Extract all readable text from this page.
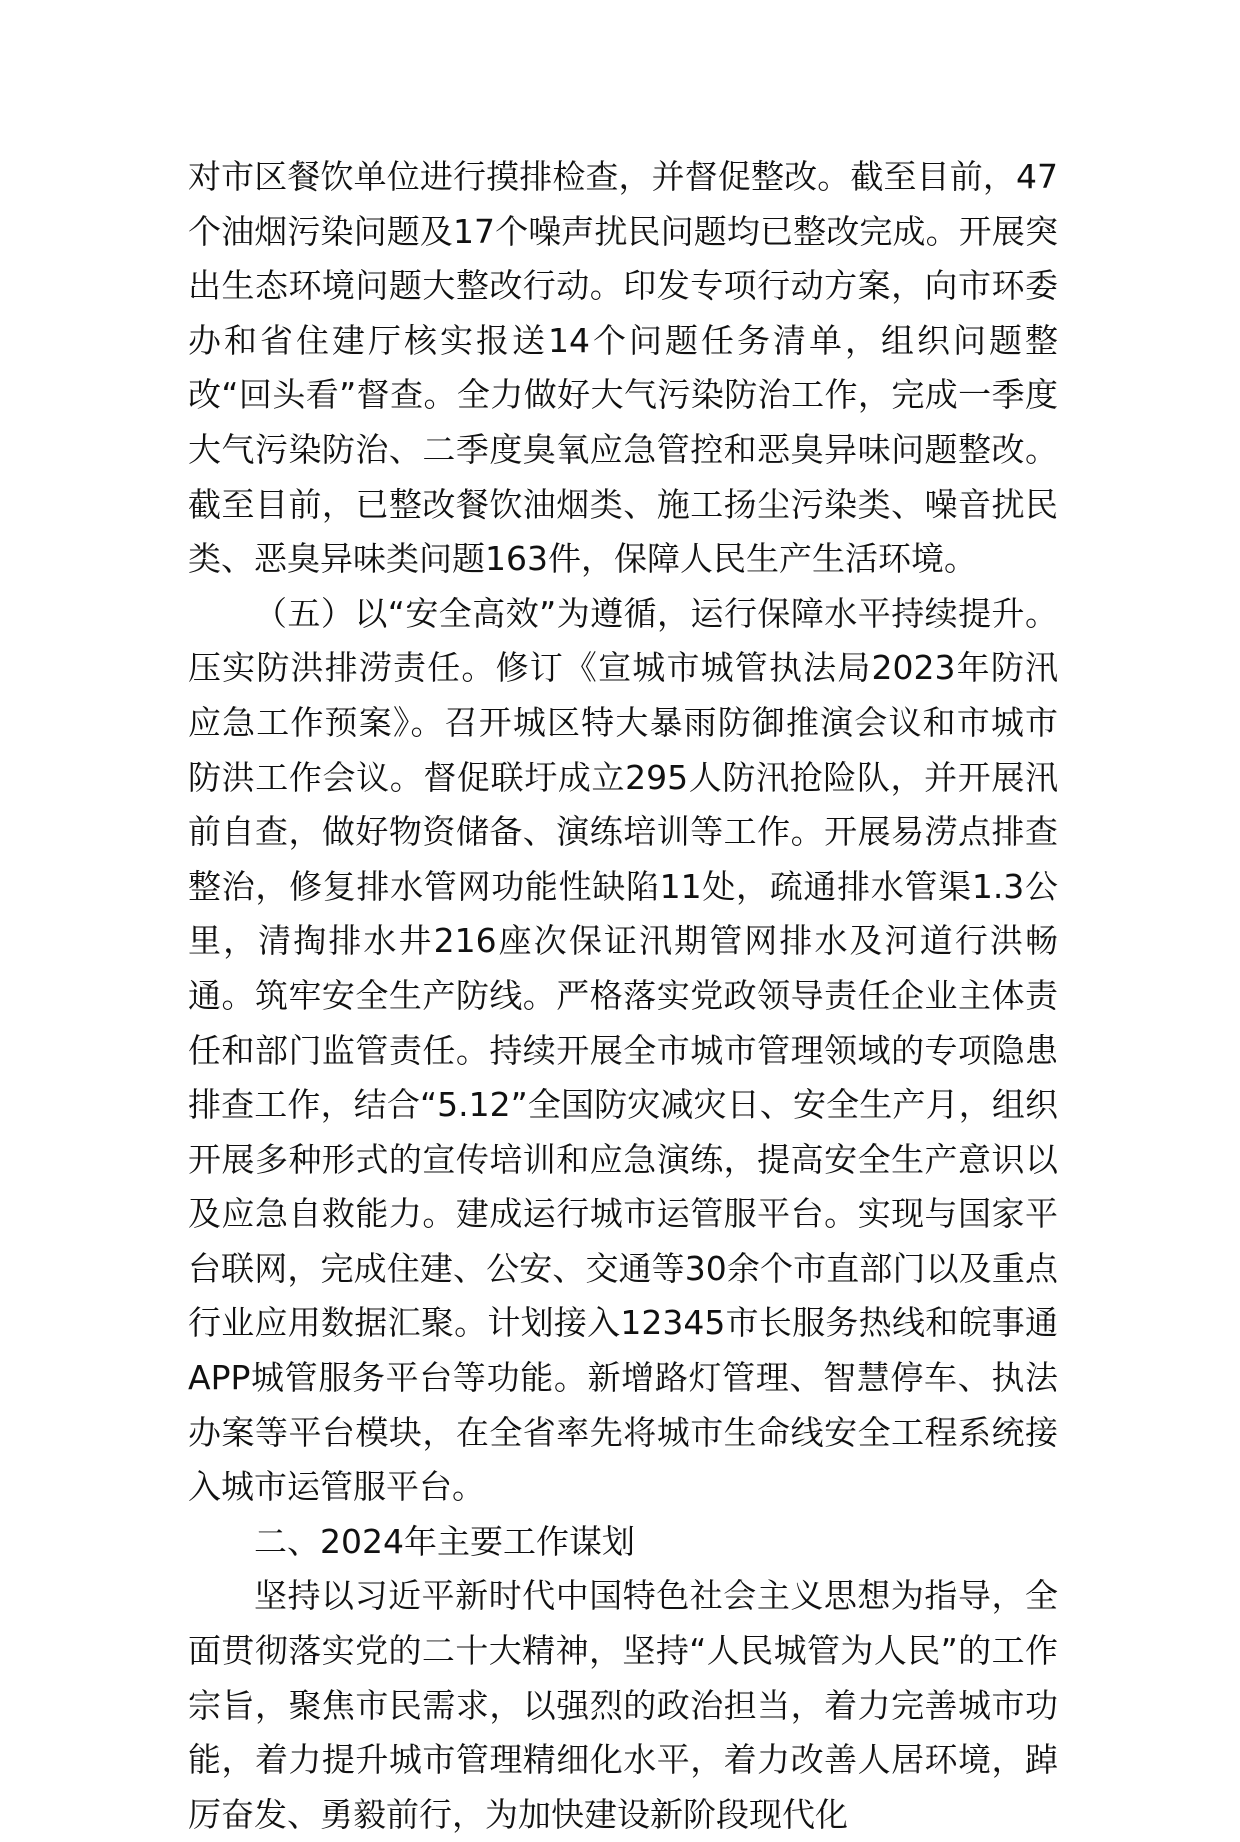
对市区餐饮单位进行摸排检查，并督促整改。截至目前，47个油烟污染问题及17个噪声扰民问题均已整改完成。开展突出生态环境问题大整改行动。印发专项行动方案，向市环委办和省住建厅核实报送14个问题任务清单，组织问题整改“回头看”督查。全力做好大气污染防治工作，完成一季度大气污染防治、二季度臭氧应急管控和恶臭异味问题整改。截至目前，已整改餐饮油烟类、施工扬尘污染类、噪音扰民类、恶臭异味类问题163件，保障人民生产生活环境。

（五）以“安全高效”为遵循，运行保障水平持续提升。压实防洪排涝责任。修订《宣城市城管执法局2023年防汛应急工作预案》。召开城区特大暴雨防御推演会议和市城市防洪工作会议。督促联圩成立295人防汛抢险队，并开展汛前自查，做好物资储备、演练培训等工作。开展易涝点排查整治，修复排水管网功能性缺陷11处，疏通排水管渠1.3公里，清掏排水井216座次保证汛期管网排水及河道行洪畅通。筑牢安全生产防线。严格落实党政领导责任企业主体责任和部门监管责任。持续开展全市城市管理领域的专项隐患排查工作，结合“5.12”全国防灾减灾日、安全生产月，组织开展多种形式的宣传培训和应急演练，提高安全生产意识以及应急自救能力。建成运行城市运管服平台。实现与国家平台联网，完成住建、公安、交通等30余个市直部门以及重点行业应用数据汇聚。计划接入12345市长服务热线和皖事通APP城管服务平台等功能。新增路灯管理、智慧停车、执法办案等平台模块，在全省率先将城市生命线安全工程系统接入城市运管服平台。

二、2024年主要工作谋划

坚持以习近平新时代中国特色社会主义思想为指导，全面贯彻落实党的二十大精神，坚持“人民城管为人民”的工作宗旨，聚焦市民需求，以强烈的政治担当，着力完善城市功能，着力提升城市管理精细化水平，着力改善人居环境，踔厉奋发、勇毅前行，为加快建设新阶段现代化
